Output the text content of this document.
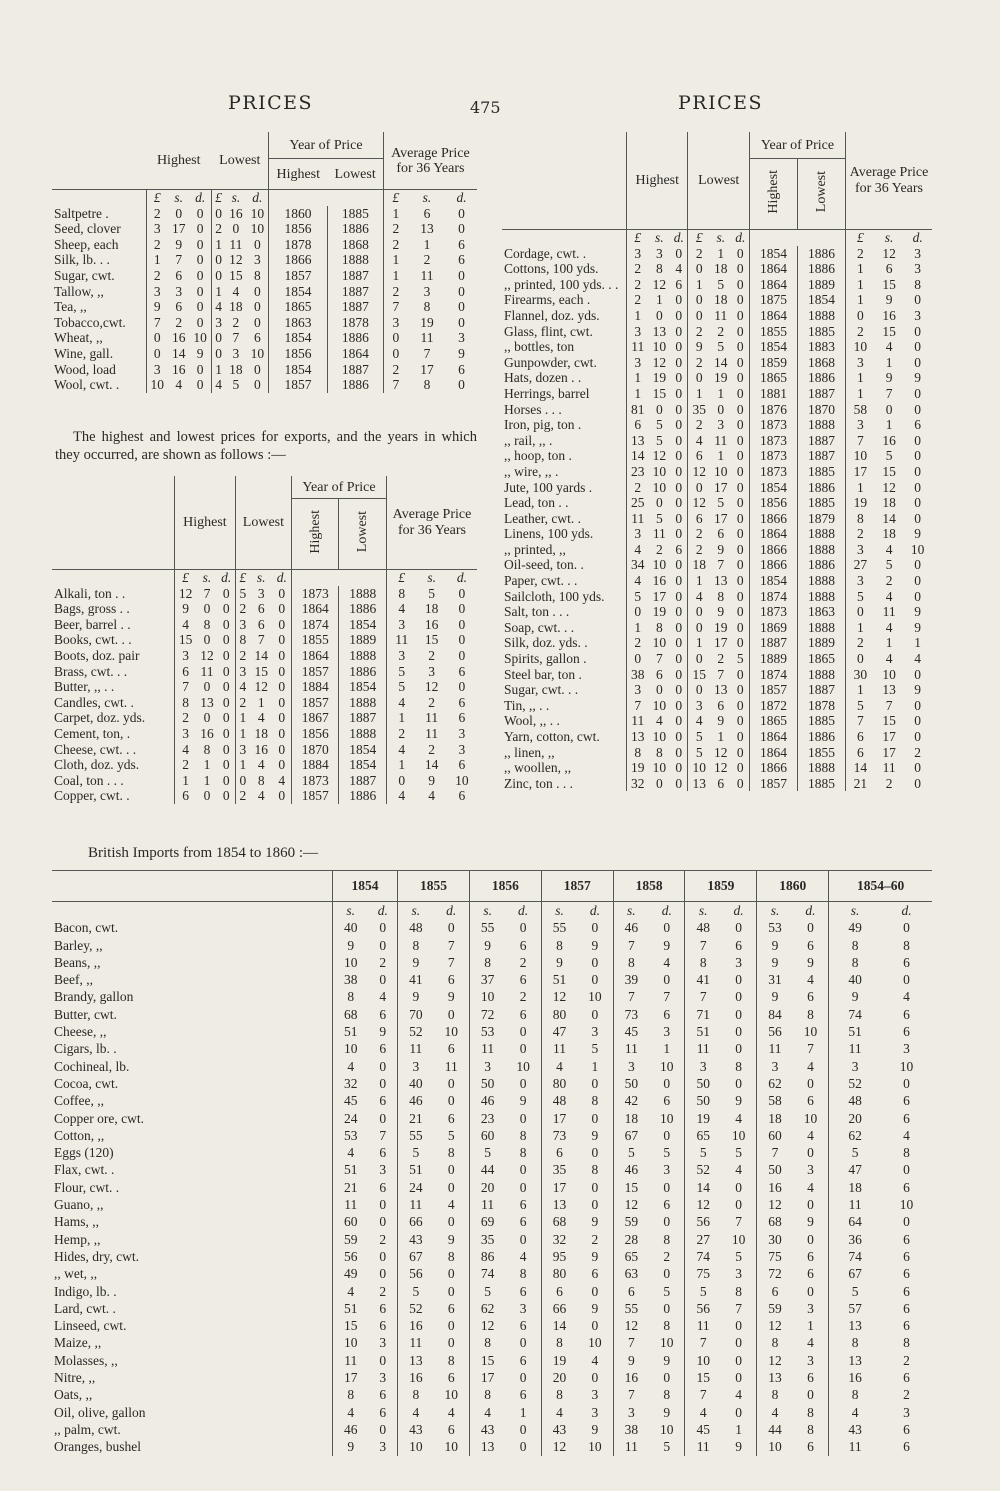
PRICES	475	PRICES
	Highest			Lowest			Year of Price		Average Price for 36 Years		
							Highest	Lowest			
	£	s.	d.	£	s.	d.			£	s.	d.
Saltpetre .	2	0	0	0	16	10	1860	1885	1	6	0
Seed, clover	3	17	0	2	0	10	1856	1886	2	13	0
Sheep, each	2	9	0	1	11	0	1878	1868	2	1	6
Silk, lb. . .	1	7	0	0	12	3	1866	1888	1	2	6
Sugar, cwt.	2	6	0	0	15	8	1857	1887	1	11	0
Tallow, ,,	3	3	0	1	4	0	1854	1887	2	3	0
Tea, ,,	9	6	0	4	18	0	1865	1887	7	8	0
Tobacco,cwt.	7	2	0	3	2	0	1863	1878	3	19	0
Wheat, ,,	0	16	10	0	7	6	1854	1886	0	11	3
Wine, gall.	0	14	9	0	3	10	1856	1864	0	7	9
Wood, load	3	16	0	1	18	0	1854	1887	2	17	6
Wool, cwt. .	10	4	0	4	5	0	1857	1886	7	8	0
The highest and lowest prices for exports, and the years in which they occurred, are shown as follows :—
	Highest			Lowest			Year of Price		Average Price for 36 Years		
							Highest	Lowest			
	£	s.	d.	£	s.	d.			£	s.	d.
Alkali, ton . .	12	7	0	5	3	0	1873	1888	8	5	0
Bags, gross . .	9	0	0	2	6	0	1864	1886	4	18	0
Beer, barrel . .	4	8	0	3	6	0	1874	1854	3	16	0
Books, cwt. . .	15	0	0	8	7	0	1855	1889	11	15	0
Boots, doz. pair	3	12	0	2	14	0	1864	1888	3	2	0
Brass, cwt. . .	6	11	0	3	15	0	1857	1886	5	3	6
Butter, ,, . .	7	0	0	4	12	0	1884	1854	5	12	0
Candles, cwt. .	8	13	0	2	1	0	1857	1888	4	2	6
Carpet, doz. yds.	2	0	0	1	4	0	1867	1887	1	11	6
Cement, ton, .	3	16	0	1	18	0	1856	1888	2	11	3
Cheese, cwt. . .	4	8	0	3	16	0	1870	1854	4	2	3
Cloth, doz. yds.	2	1	0	1	4	0	1884	1854	1	14	6
Coal, ton . . .	1	1	0	0	8	4	1873	1887	0	9	10
Copper, cwt. .	6	0	0	2	4	0	1857	1886	4	4	6
	Highest			Lowest			Year of Price		Average Price for 36 Years		
							Highest	Lowest			
	£	s.	d.	£	s.	d.			£	s.	d.
Cordage, cwt. .	3	3	0	2	1	0	1854	1886	2	12	3
Cottons, 100 yds.	2	8	4	0	18	0	1864	1886	1	6	3
,, printed, 100 yds. . .	2	12	6	1	5	0	1864	1889	1	15	8
Firearms, each .	2	1	0	0	18	0	1875	1854	1	9	0
Flannel, doz. yds.	1	0	0	0	11	0	1864	1888	0	16	3
Glass, flint, cwt.	3	13	0	2	2	0	1855	1885	2	15	0
,, bottles, ton	11	10	0	9	5	0	1854	1883	10	4	0
Gunpowder, cwt.	3	12	0	2	14	0	1859	1868	3	1	0
Hats, dozen . .	1	19	0	0	19	0	1865	1886	1	9	9
Herrings, barrel	1	15	0	1	1	0	1881	1887	1	7	0
Horses . . .	81	0	0	35	0	0	1876	1870	58	0	0
Iron, pig, ton .	6	5	0	2	3	0	1873	1888	3	1	6
,, rail, ,, .	13	5	0	4	11	0	1873	1887	7	16	0
,, hoop, ton .	14	12	0	6	1	0	1873	1887	10	5	0
,, wire, ,, .	23	10	0	12	10	0	1873	1885	17	15	0
Jute, 100 yards .	2	10	0	0	17	0	1854	1886	1	12	0
Lead, ton . .	25	0	0	12	5	0	1856	1885	19	18	0
Leather, cwt. .	11	5	0	6	17	0	1866	1879	8	14	0
Linens, 100 yds.	3	11	0	2	6	0	1864	1888	2	18	9
,, printed, ,,	4	2	6	2	9	0	1866	1888	3	4	10
Oil-seed, ton. .	34	10	0	18	7	0	1866	1886	27	5	0
Paper, cwt. . .	4	16	0	1	13	0	1854	1888	3	2	0
Sailcloth, 100 yds.	5	17	0	4	8	0	1874	1888	5	4	0
Salt, ton . . .	0	19	0	0	9	0	1873	1863	0	11	9
Soap, cwt. . .	1	8	0	0	19	0	1869	1888	1	4	9
Silk, doz. yds. .	2	10	0	1	17	0	1887	1889	2	1	1
Spirits, gallon .	0	7	0	0	2	5	1889	1865	0	4	4
Steel bar, ton .	38	6	0	15	7	0	1874	1888	30	10	0
Sugar, cwt. . .	3	0	0	0	13	0	1857	1887	1	13	9
Tin, ,, . .	7	10	0	3	6	0	1872	1878	5	7	0
Wool, ,, . .	11	4	0	4	9	0	1865	1885	7	15	0
Yarn, cotton, cwt.	13	10	0	5	1	0	1864	1886	6	17	0
,, linen, ,,	8	8	0	5	12	0	1864	1855	6	17	2
,, woollen, ,,	19	10	0	10	12	0	1866	1888	14	11	0
Zinc, ton . . .	32	0	0	13	6	0	1857	1885	21	2	0
British Imports from 1854 to 1860 :—
	1854		1855		1856		1857		1858		1859		1860		1854–60	
	s.	d.	s.	d.	s.	d.	s.	d.	s.	d.	s.	d.	s.	d.	s.	d.
Bacon, cwt.	40	0	48	0	55	0	55	0	46	0	48	0	53	0	49	0
Barley, ,,	9	0	8	7	9	6	8	9	7	9	7	6	9	6	8	8
Beans, ,,	10	2	9	7	8	2	9	0	8	4	8	3	9	9	8	6
Beef, ,,	38	0	41	6	37	6	51	0	39	0	41	0	31	4	40	0
Brandy, gallon	8	4	9	9	10	2	12	10	7	7	7	0	9	6	9	4
Butter, cwt.	68	6	70	0	72	6	80	0	73	6	71	0	84	8	74	6
Cheese, ,,	51	9	52	10	53	0	47	3	45	3	51	0	56	10	51	6
Cigars, lb. .	10	6	11	6	11	0	11	5	11	1	11	0	11	7	11	3
Cochineal, lb.	4	0	3	11	3	10	4	1	3	10	3	8	3	4	3	10
Cocoa, cwt.	32	0	40	0	50	0	80	0	50	0	50	0	62	0	52	0
Coffee, ,,	45	6	46	0	46	9	48	8	42	6	50	9	58	6	48	6
Copper ore, cwt.	24	0	21	6	23	0	17	0	18	10	19	4	18	10	20	6
Cotton, ,,	53	7	55	5	60	8	73	9	67	0	65	10	60	4	62	4
Eggs (120)	4	6	5	8	5	8	6	0	5	5	5	5	7	0	5	8
Flax, cwt. .	51	3	51	0	44	0	35	8	46	3	52	4	50	3	47	0
Flour, cwt. .	21	6	24	0	20	0	17	0	15	0	14	0	16	4	18	6
Guano, ,,	11	0	11	4	11	6	13	0	12	6	12	0	12	0	11	10
Hams, ,,	60	0	66	0	69	6	68	9	59	0	56	7	68	9	64	0
Hemp, ,,	59	2	43	9	35	0	32	2	28	8	27	10	30	0	36	6
Hides, dry, cwt.	56	0	67	8	86	4	95	9	65	2	74	5	75	6	74	6
,, wet, ,,	49	0	56	0	74	8	80	6	63	0	75	3	72	6	67	6
Indigo, lb. .	4	2	5	0	5	6	6	0	6	5	5	8	6	0	5	6
Lard, cwt. .	51	6	52	6	62	3	66	9	55	0	56	7	59	3	57	6
Linseed, cwt.	15	6	16	0	12	6	14	0	12	8	11	0	12	1	13	6
Maize, ,,	10	3	11	0	8	0	8	10	7	10	7	0	8	4	8	8
Molasses, ,,	11	0	13	8	15	6	19	4	9	9	10	0	12	3	13	2
Nitre, ,,	17	3	16	6	17	0	20	0	16	0	15	0	13	6	16	6
Oats, ,,	8	6	8	10	8	6	8	3	7	8	7	4	8	0	8	2
Oil, olive, gallon	4	6	4	4	4	1	4	3	3	9	4	0	4	8	4	3
,, palm, cwt.	46	0	43	6	43	0	43	9	38	10	45	1	44	8	43	6
Oranges, bushel	9	3	10	10	13	0	12	10	11	5	11	9	10	6	11	6
